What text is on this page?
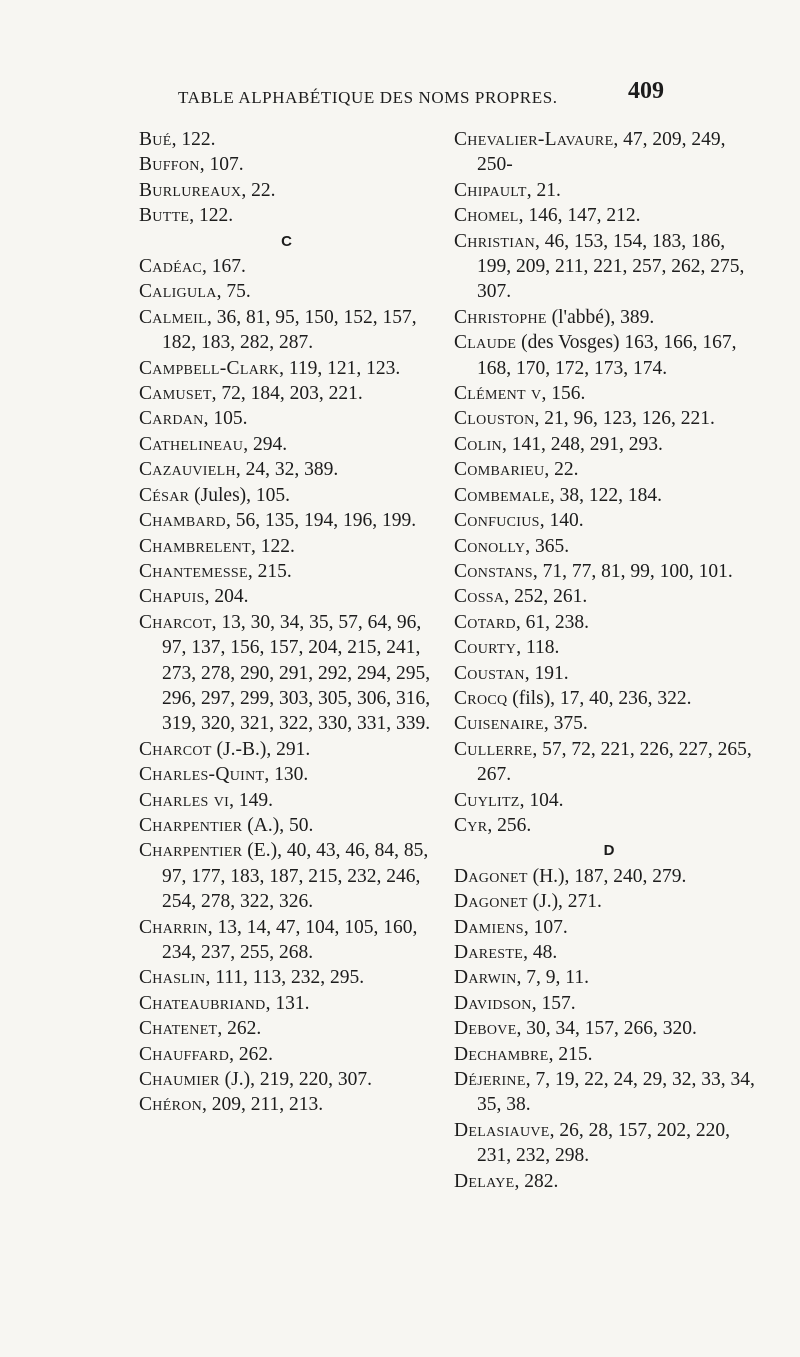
TABLE ALPHABÉTIQUE DES NOMS PROPRES.	409
Bué, 122.
Buffon, 107.
Burlureaux, 22.
Butte, 122.
C
Cadéac, 167.
Caligula, 75.
Calmeil, 36, 81, 95, 150, 152, 157, 182, 183, 282, 287.
Campbell-Clark, 119, 121, 123.
Camuset, 72, 184, 203, 221.
Cardan, 105.
Cathelineau, 294.
Cazauvielh, 24, 32, 389.
César (Jules), 105.
Chambard, 56, 135, 194, 196, 199.
Chambrelent, 122.
Chantemesse, 215.
Chapuis, 204.
Charcot, 13, 30, 34, 35, 57, 64, 96, 97, 137, 156, 157, 204, 215, 241, 273, 278, 290, 291, 292, 294, 295, 296, 297, 299, 303, 305, 306, 316, 319, 320, 321, 322, 330, 331, 339.
Charcot (J.-B.), 291.
Charles-Quint, 130.
Charles vi, 149.
Charpentier (A.), 50.
Charpentier (E.), 40, 43, 46, 84, 85, 97, 177, 183, 187, 215, 232, 246, 254, 278, 322, 326.
Charrin, 13, 14, 47, 104, 105, 160, 234, 237, 255, 268.
Chaslin, 111, 113, 232, 295.
Chateaubriand, 131.
Chatenet, 262.
Chauffard, 262.
Chaumier (J.), 219, 220, 307.
Chéron, 209, 211, 213.
Chevalier-Lavaure, 47, 209, 249, 250-
Chipault, 21.
Chomel, 146, 147, 212.
Christian, 46, 153, 154, 183, 186, 199, 209, 211, 221, 257, 262, 275, 307.
Christophe (l'abbé), 389.
Claude (des Vosges) 163, 166, 167, 168, 170, 172, 173, 174.
Clément v, 156.
Clouston, 21, 96, 123, 126, 221.
Colin, 141, 248, 291, 293.
Combarieu, 22.
Combemale, 38, 122, 184.
Confucius, 140.
Conolly, 365.
Constans, 71, 77, 81, 99, 100, 101.
Cossa, 252, 261.
Cotard, 61, 238.
Courty, 118.
Coustan, 191.
Crocq (fils), 17, 40, 236, 322.
Cuisenaire, 375.
Cullerre, 57, 72, 221, 226, 227, 265, 267.
Cuylitz, 104.
Cyr, 256.
D
Dagonet (H.), 187, 240, 279.
Dagonet (J.), 271.
Damiens, 107.
Dareste, 48.
Darwin, 7, 9, 11.
Davidson, 157.
Debove, 30, 34, 157, 266, 320.
Dechambre, 215.
Déjerine, 7, 19, 22, 24, 29, 32, 33, 34, 35, 38.
Delasiauve, 26, 28, 157, 202, 220, 231, 232, 298.
Delaye, 282.
